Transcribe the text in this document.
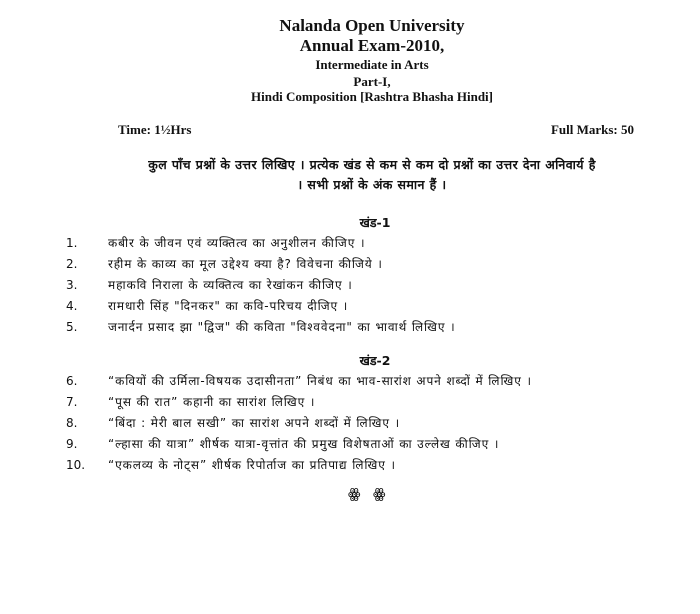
Nalanda Open University
Annual Exam-2010,
Intermediate in Arts
Part-I,
Hindi Composition [Rashtra Bhasha Hindi]
Time: 1½Hrs	Full Marks: 50
कुल पाँच प्रश्नों के उत्तर लिखिए । प्रत्येक खंड से कम से कम दो प्रश्नों का उत्तर देना अनिवार्य है
। सभी प्रश्नों के अंक समान हैं ।
खंड-1
1.	कबीर के जीवन एवं व्यक्तित्व का अनुशीलन कीजिए ।
2.	रहीम के काव्य का मूल उद्देश्य क्या है? विवेचना कीजिये ।
3.	महाकवि निराला के व्यक्तित्व का रेखांकन कीजिए ।
4.	रामधारी सिंह "दिनकर" का कवि-परिचय दीजिए ।
5.	जनार्दन प्रसाद झा "द्विज" की कविता "विश्ववेदना" का भावार्थ लिखिए ।
खंड-2
6.	“कवियों की उर्मिला-विषयक उदासीनता” निबंध का भाव-सारांश अपने शब्दों में लिखिए ।
7.	“पूस की रात” कहानी का सारांश लिखिए ।
8.	“बिंदा : मेरी बाल सखी” का सारांश अपने शब्दों में लिखिए ।
9.	“ल्हासा की यात्रा” शीर्षक यात्रा-वृत्तांत की प्रमुख विशेषताओं का उल्लेख कीजिए ।
10. “एकलव्य के नोट्स” शीर्षक रिपोर्ताज का प्रतिपाद्य लिखिए ।
ꙮ ꙮ
